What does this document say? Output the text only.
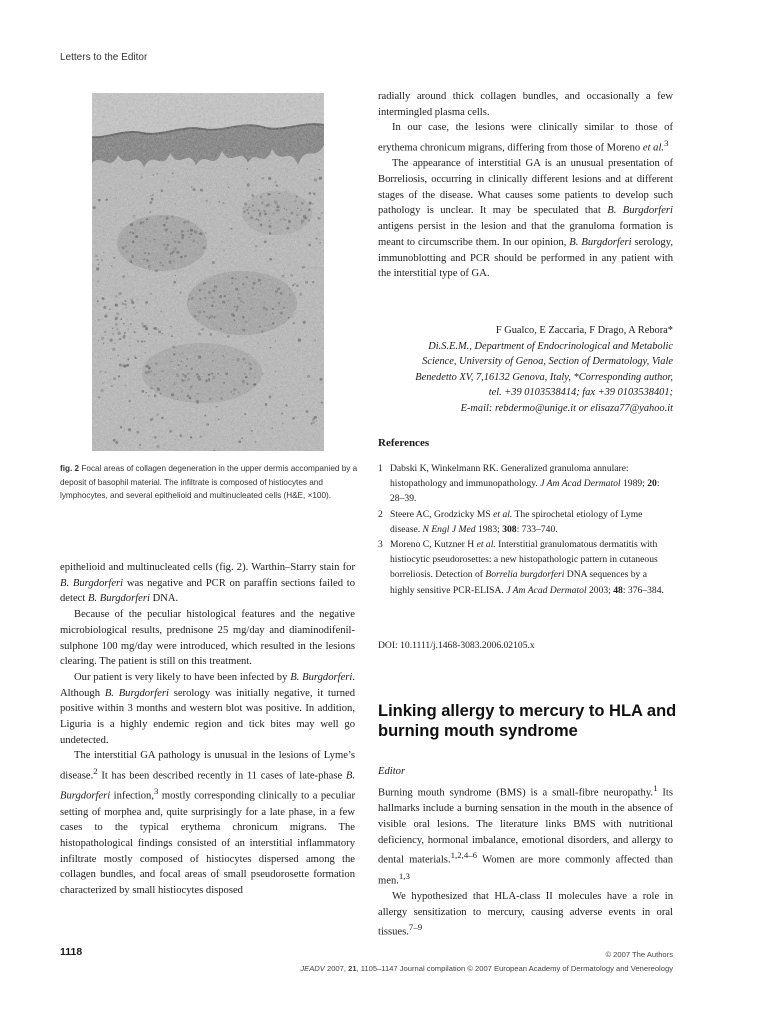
Letters to the Editor
fig. 2 Focal areas of collagen degeneration in the upper dermis accompanied by a deposit of basophil material. The infiltrate is composed of histiocytes and lymphocytes, and several epithelioid and multinucleated cells (H&E, ×100).

epithelioid and multinucleated cells (fig. 2). Warthin–Starry stain for B. Burgdorferi was negative and PCR on paraffin sections failed to detect B. Burgdorferi DNA.

Because of the peculiar histological features and the negative microbiological results, prednisone 25 mg/day and diaminodifenil-sulphone 100 mg/day were introduced, which resulted in the lesions clearing. The patient is still on this treatment.

Our patient is very likely to have been infected by B. Burgdorferi. Although B. Burgdorferi serology was initially negative, it turned positive within 3 months and western blot was positive. In addition, Liguria is a highly endemic region and tick bites may well go undetected.

The interstitial GA pathology is unusual in the lesions of Lyme’s disease.$^2$ It has been described recently in 11 cases of late-phase B. Burgdorferi infection,$^3$ mostly corresponding clinically to a peculiar setting of morphea and, quite surprisingly for a late phase, in a few cases to the typical erythema chronicum migrans. The histopathological findings consisted of an interstitial inflammatory infiltrate mostly composed of histiocytes dispersed among the collagen bundles, and focal areas of small pseudorosette formation characterized by small histiocytes disposed

radially around thick collagen bundles, and occasionally a few intermingled plasma cells.

In our case, the lesions were clinically similar to those of erythema chronicum migrans, differing from those of Moreno et al.$^3$

The appearance of interstitial GA is an unusual presentation of Borreliosis, occurring in clinically different lesions and at different stages of the disease. What causes some patients to develop such pathology is unclear. It may be speculated that B. Burgdorferi antigens persist in the lesion and that the granuloma formation is meant to circumscribe them. In our opinion, B. Burgdorferi serology, immunoblotting and PCR should be performed in any patient with the interstitial type of GA.

F Gualco, E Zaccaria, F Drago, A Rebora*
Di.S.E.M., Department of Endocrinological and Metabolic
Science, University of Genoa, Section of Dermatology, Viale
Benedetto XV, 7,16132 Genova, Italy, *Corresponding author,
tel. +39 0103538414; fax +39 0103538401;
E-mail: rebdermo@unige.it or elisaza77@yahoo.it
References
1 Dabski K, Winkelmann RK. Generalized granuloma annulare: histopathology and immunopathology. J Am Acad Dermatol 1989; 20: 28–39.
2 Steere AC, Grodzicky MS et al. The spirochetal etiology of Lyme disease. N Engl J Med 1983; 308: 733–740.
3 Moreno C, Kutzner H et al. Interstitial granulomatous dermatitis with histiocytic pseudorosettes: a new histopathologic pattern in cutaneous borreliosis. Detection of Borrelia burgdorferi DNA sequences by a highly sensitive PCR-ELISA. J Am Acad Dermatol 2003; 48: 376–384.
DOI: 10.1111/j.1468-3083.2006.02105.x
Linking allergy to mercury to HLA and burning mouth syndrome
Editor

Burning mouth syndrome (BMS) is a small-fibre neuropathy.$^1$ Its hallmarks include a burning sensation in the mouth in the absence of visible oral lesions. The literature links BMS with nutritional deficiency, hormonal imbalance, emotional disorders, and allergy to dental materials.$^{1,2,4-6}$ Women are more commonly affected than men.$^{1,3}$

We hypothesized that HLA-class II molecules have a role in allergy sensitization to mercury, causing adverse events in oral tissues.$^{7-9}$

1118	© 2007 The Authors
JEADV 2007, 21, 1105–1147 Journal compilation © 2007 European Academy of Dermatology and Venereology
